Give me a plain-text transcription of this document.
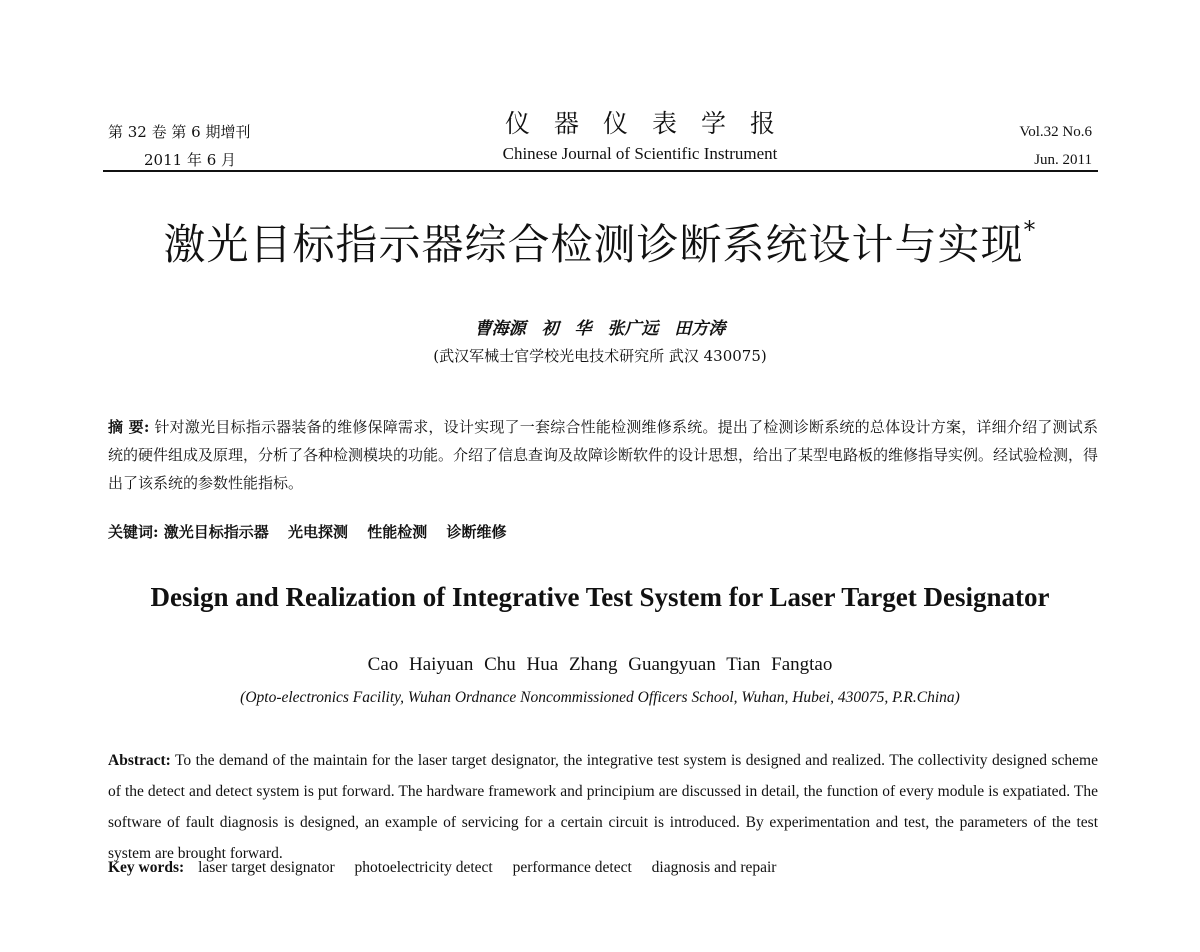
第 32 卷 第 6 期增刊
2011 年 6 月
仪器仪表学报
Chinese Journal of Scientific Instrument
Vol.32 No.6
Jun. 2011
激光目标指示器综合检测诊断系统设计与实现*
曹海源 初 华 张广远 田方涛
(武汉军械士官学校光电技术研究所 武汉 430075)
摘 要: 针对激光目标指示器装备的维修保障需求，设计实现了一套综合性能检测维修系统。提出了检测诊断系统的总体设计方案，详细介绍了测试系统的硬件组成及原理，分析了各种检测模块的功能。介绍了信息查询及故障诊断软件的设计思想，给出了某型电路板的维修指导实例。经试验检测，得出了该系统的参数性能指标。
关键词: 激光目标指示器 光电探测 性能检测 诊断维修
Design and Realization of Integrative Test System for Laser Target Designator
Cao Haiyuan Chu Hua Zhang Guangyuan Tian Fangtao
(Opto-electronics Facility, Wuhan Ordnance Noncommissioned Officers School, Wuhan, Hubei, 430075, P.R.China)
Abstract: To the demand of the maintain for the laser target designator, the integrative test system is designed and realized. The collectivity designed scheme of the detect and detect system is put forward. The hardware framework and principium are discussed in detail, the function of every module is expatiated. The software of fault diagnosis is designed, an example of servicing for a certain circuit is introduced. By experimentation and test, the parameters of the test system are brought forward.
Key words: laser target designator photoelectricity detect performance detect diagnosis and repair
